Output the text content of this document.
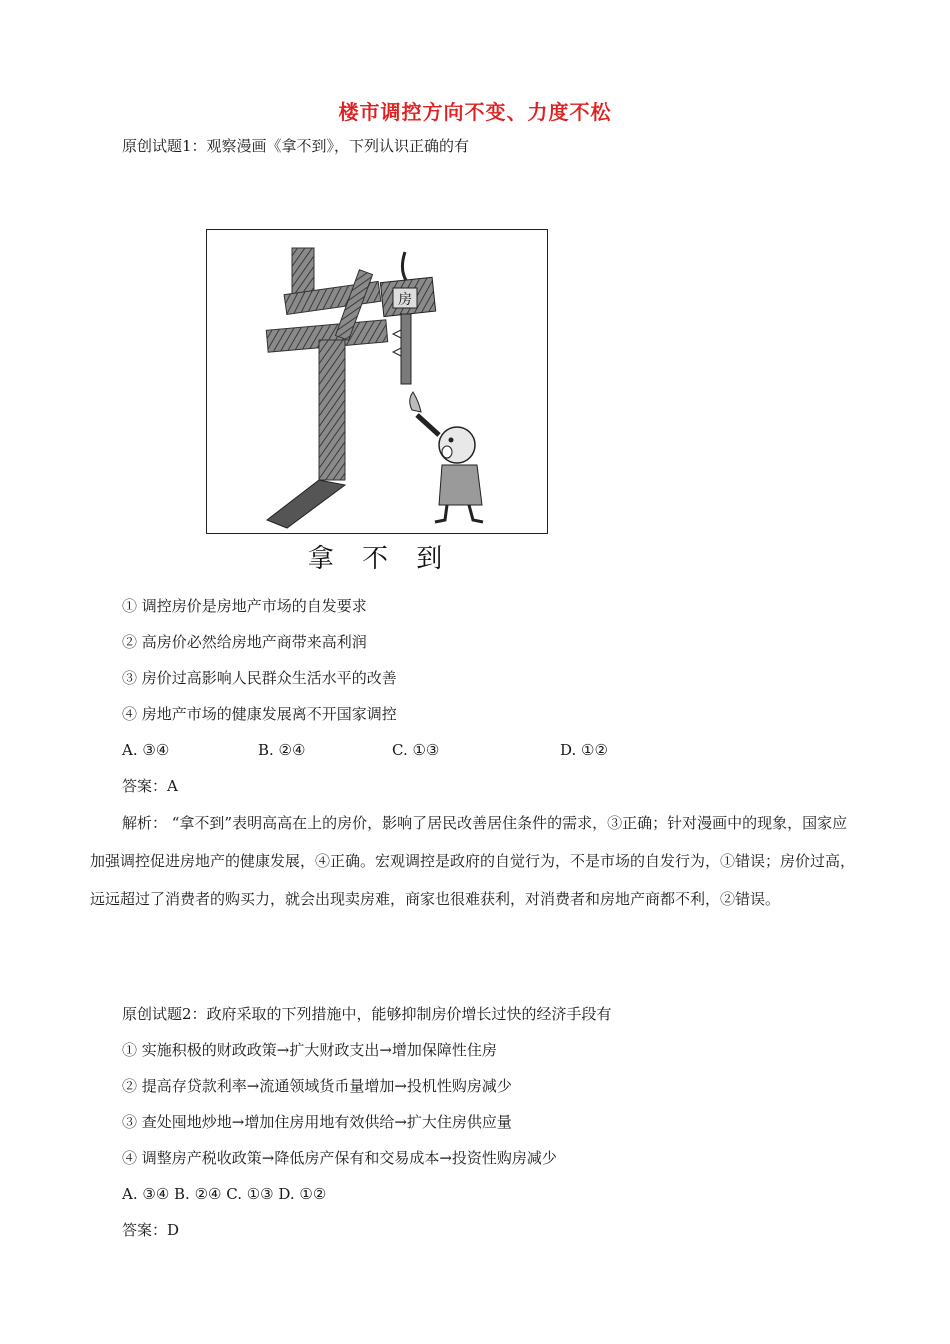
楼市调控方向不变、力度不松
原创试题1：观察漫画《拿不到》，下列认识正确的有
房
拿 不 到
① 调控房价是房地产市场的自发要求
② 高房价必然给房地产商带来高利润
③ 房价过高影响人民群众生活水平的改善
④ 房地产市场的健康发展离不开国家调控
A. ③④	B. ②④	C. ①③	D. ①②
答案：A
解析： “拿不到”表明高高在上的房价，影响了居民改善居住条件的需求，③正确；针对漫画中的现象，国家应加强调控促进房地产的健康发展，④正确。宏观调控是政府的自觉行为，不是市场的自发行为，①错误；房价过高，远远超过了消费者的购买力，就会出现卖房难，商家也很难获利，对消费者和房地产商都不利，②错误。
原创试题2：政府采取的下列措施中，能够抑制房价增长过快的经济手段有
① 实施积极的财政政策→扩大财政支出→增加保障性住房
② 提高存贷款利率→流通领域货币量增加→投机性购房减少
③ 查处囤地炒地→增加住房用地有效供给→扩大住房供应量
④ 调整房产税收政策→降低房产保有和交易成本→投资性购房减少
A. ③④ B. ②④ C. ①③ D. ①②
答案：D
